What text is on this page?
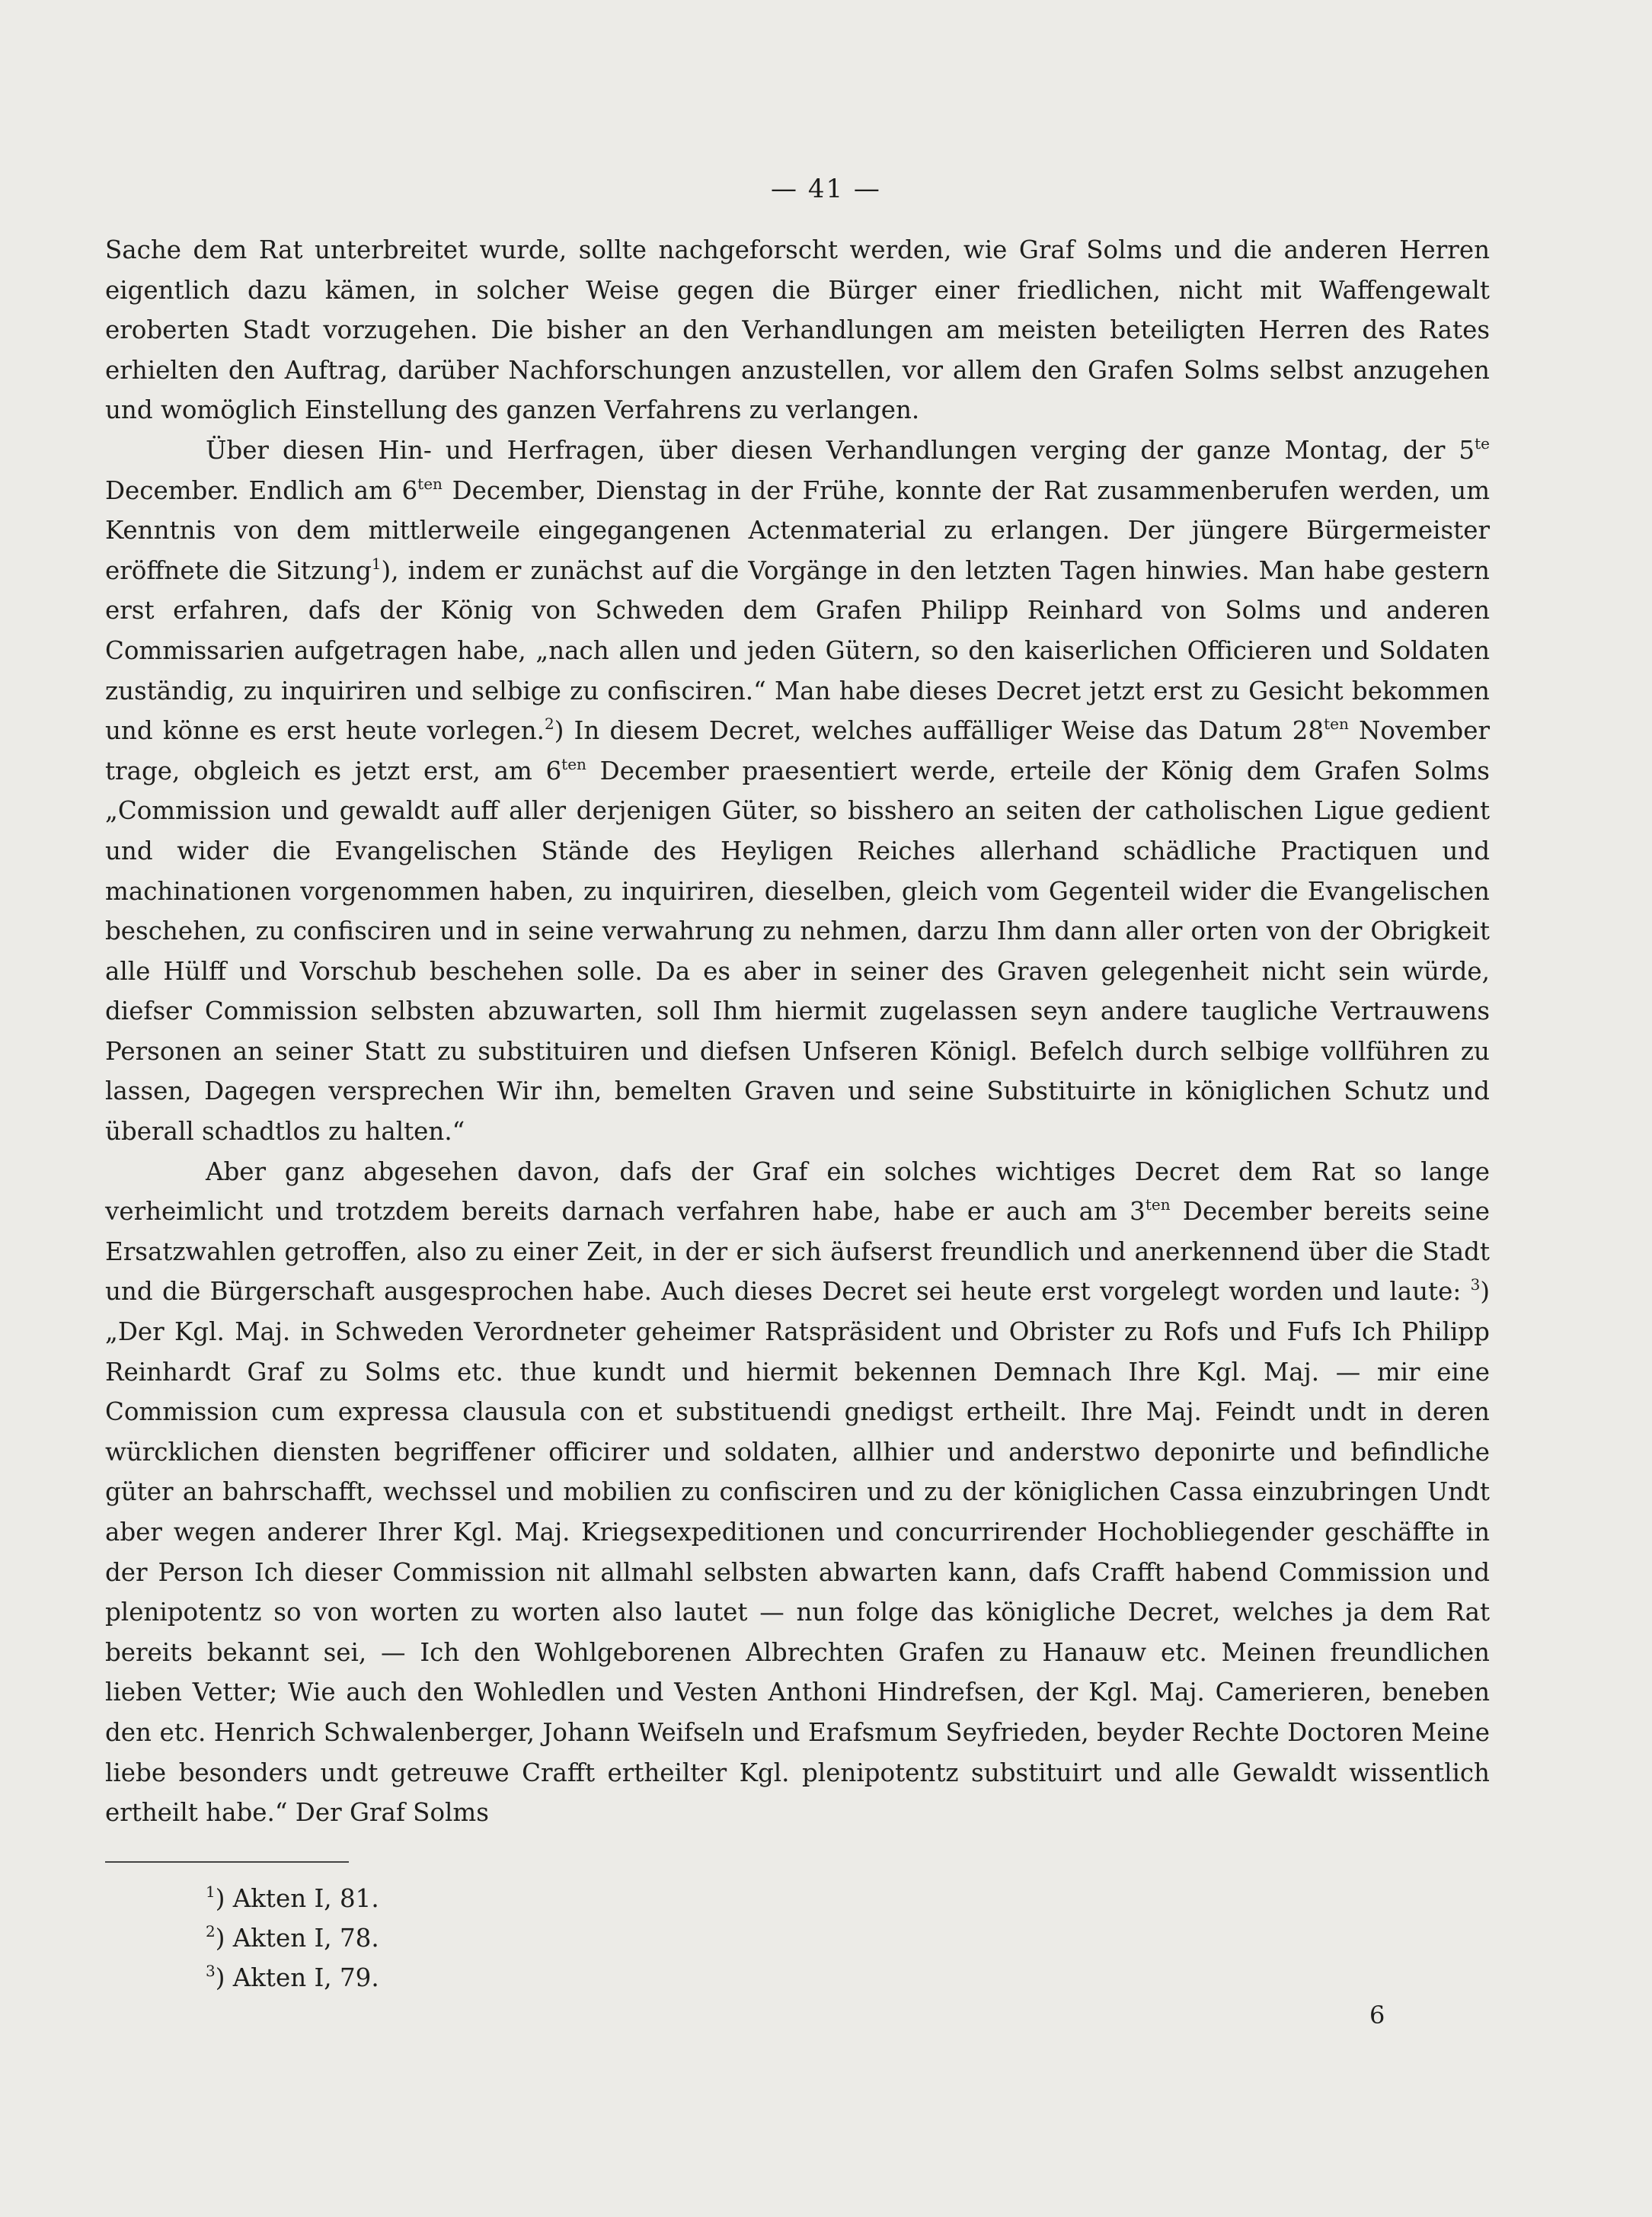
— 41 —

Sache dem Rat unterbreitet wurde, sollte nachgeforscht werden, wie Graf Solms und die anderen Herren eigentlich dazu kämen, in solcher Weise gegen die Bürger einer friedlichen, nicht mit Waffengewalt eroberten Stadt vorzugehen. Die bisher an den Verhandlungen am meisten beteiligten Herren des Rates erhielten den Auftrag, darüber Nachforschungen anzustellen, vor allem den Grafen Solms selbst anzugehen und womöglich Einstellung des ganzen Verfahrens zu verlangen.

Über diesen Hin- und Herfragen, über diesen Verhandlungen verging der ganze Montag, der $5^{te}$ December. Endlich am $6^{ten}$ December, Dienstag in der Frühe, konnte der Rat zusammenberufen werden, um Kenntnis von dem mittlerweile eingegangenen Actenmaterial zu erlangen. Der jüngere Bürgermeister eröffnete die Sitzung$^1$), indem er zunächst auf die Vorgänge in den letzten Tagen hinwies. Man habe gestern erst erfahren, dafs der König von Schweden dem Grafen Philipp Reinhard von Solms und anderen Commissarien aufgetragen habe, „nach allen und jeden Gütern, so den kaiserlichen Officieren und Soldaten zuständig, zu inquiriren und selbige zu confisciren.“ Man habe dieses Decret jetzt erst zu Gesicht bekommen und könne es erst heute vorlegen.$^2$) In diesem Decret, welches auffälliger Weise das Datum $28^{ten}$ November trage, obgleich es jetzt erst, am $6^{ten}$ December praesentiert werde, erteile der König dem Grafen Solms „Commission und gewaldt auff aller derjenigen Güter, so bisshero an seiten der catholischen Ligue gedient und wider die Evangelischen Stände des Heyligen Reiches allerhand schädliche Practiquen und machinationen vorgenommen haben, zu inquiriren, dieselben, gleich vom Gegenteil wider die Evangelischen beschehen, zu confisciren und in seine verwahrung zu nehmen, darzu Ihm dann aller orten von der Obrigkeit alle Hülff und Vorschub beschehen solle. Da es aber in seiner des Graven gelegenheit nicht sein würde, diefser Commission selbsten abzuwarten, soll Ihm hiermit zugelassen seyn andere taugliche Vertrauwens Personen an seiner Statt zu substituiren und diefsen Unfseren Königl. Befelch durch selbige vollführen zu lassen, Dagegen versprechen Wir ihn, bemelten Graven und seine Substituirte in königlichen Schutz und überall schadtlos zu halten.“

Aber ganz abgesehen davon, dafs der Graf ein solches wichtiges Decret dem Rat so lange verheimlicht und trotzdem bereits darnach verfahren habe, habe er auch am $3^{ten}$ December bereits seine Ersatzwahlen getroffen, also zu einer Zeit, in der er sich äufserst freundlich und anerkennend über die Stadt und die Bürgerschaft ausgesprochen habe. Auch dieses Decret sei heute erst vorgelegt worden und laute: $^3$) „Der Kgl. Maj. in Schweden Verordneter geheimer Ratspräsident und Obrister zu Rofs und Fufs Ich Philipp Reinhardt Graf zu Solms etc. thue kundt und hiermit bekennen Demnach Ihre Kgl. Maj. — mir eine Commission cum expressa clausula con et substituendi gnedigst ertheilt. Ihre Maj. Feindt undt in deren würcklichen diensten begriffener officirer und soldaten, allhier und anderstwo deponirte und befindliche güter an bahrschafft, wechssel und mobilien zu confisciren und zu der königlichen Cassa einzubringen Undt aber wegen anderer Ihrer Kgl. Maj. Kriegsexpeditionen und concurrirender Hochobliegender geschäffte in der Person Ich dieser Commission nit allmahl selbsten abwarten kann, dafs Crafft habend Commission und plenipotentz so von worten zu worten also lautet — nun folge das königliche Decret, welches ja dem Rat bereits bekannt sei, — Ich den Wohlgeborenen Albrechten Grafen zu Hanauw etc. Meinen freundlichen lieben Vetter; Wie auch den Wohledlen und Vesten Anthoni Hindrefsen, der Kgl. Maj. Camerieren, beneben den etc. Henrich Schwalenberger, Johann Weifseln und Erafsmum Seyfrieden, beyder Rechte Doctoren Meine liebe besonders undt getreuwe Crafft ertheilter Kgl. plenipotentz substituirt und alle Gewaldt wissentlich ertheilt habe.“ Der Graf Solms

$^1$) Akten I, 81.
$^2$) Akten I, 78.
$^3$) Akten I, 79.
6
